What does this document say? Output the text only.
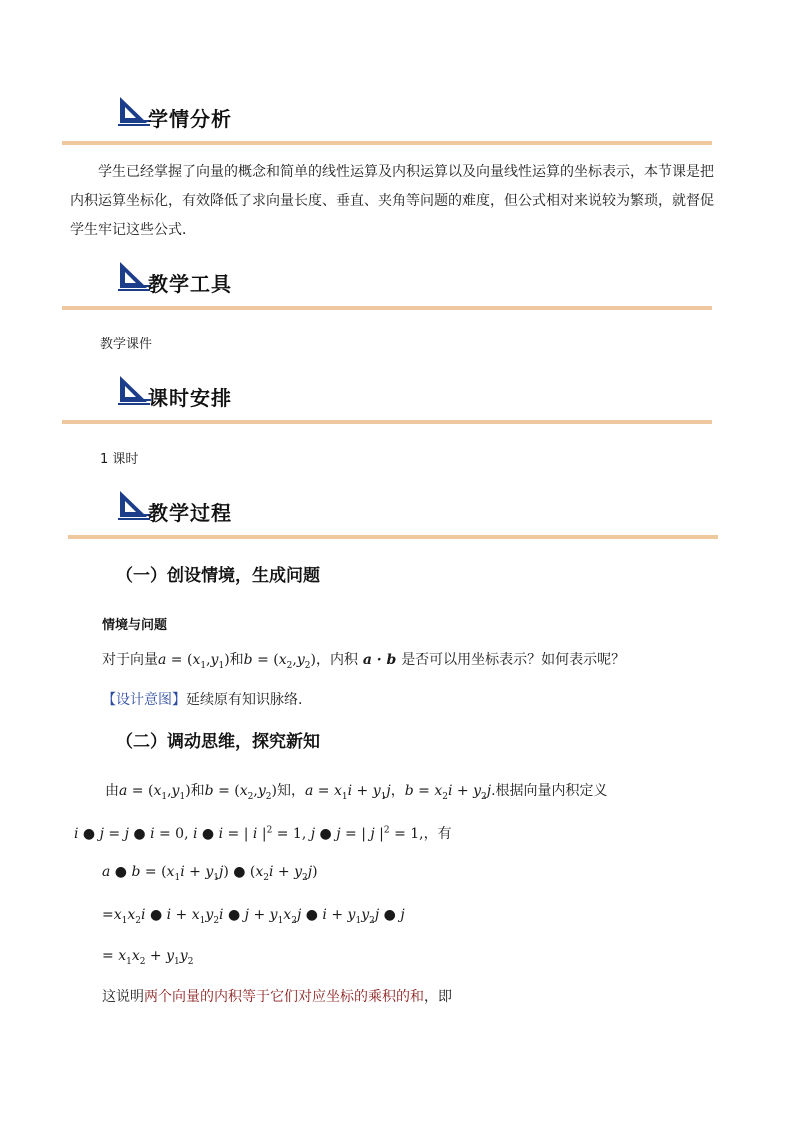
学情分析
学生已经掌握了向量的概念和简单的线性运算及内积运算以及向量线性运算的坐标表示，本节课是把
内积运算坐标化，有效降低了求向量长度、垂直、夹角等问题的难度，但公式相对来说较为繁琐，就督促
学生牢记这些公式．
教学工具
教学课件
课时安排
1 课时
教学过程
（一）创设情境，生成问题
情境与问题
对于向量$a = (x_1,y_1)$和$b = (x_2,y_2)$，内积 a · b 是否可以用坐标表示？如何表示呢？
【设计意图】延续原有知识脉络.
（二）调动思维，探究新知
由$a = (x_1,y_1)$和$b = (x_2,y_2)$知，$a = x_1i + y_1j$，$b = x_2i + y_2j$.根据向量内积定义
i ● j = j ● i = 0, i ● i = | i $|^2 = 1$, j ● j = | j $|^2 = 1$,，有
a ● $b = (x_1i + y_1j)$ ● $(x_2i + y_2j)$
$=x_1x_2i$ ● $i + x_1y_2i$ ● $j + y_1x_2j$ ● $i + y_1y_2j$ ● j
= $x_1x_2 + y_1y_2$
这说明两个向量的内积等于它们对应坐标的乘积的和，即
